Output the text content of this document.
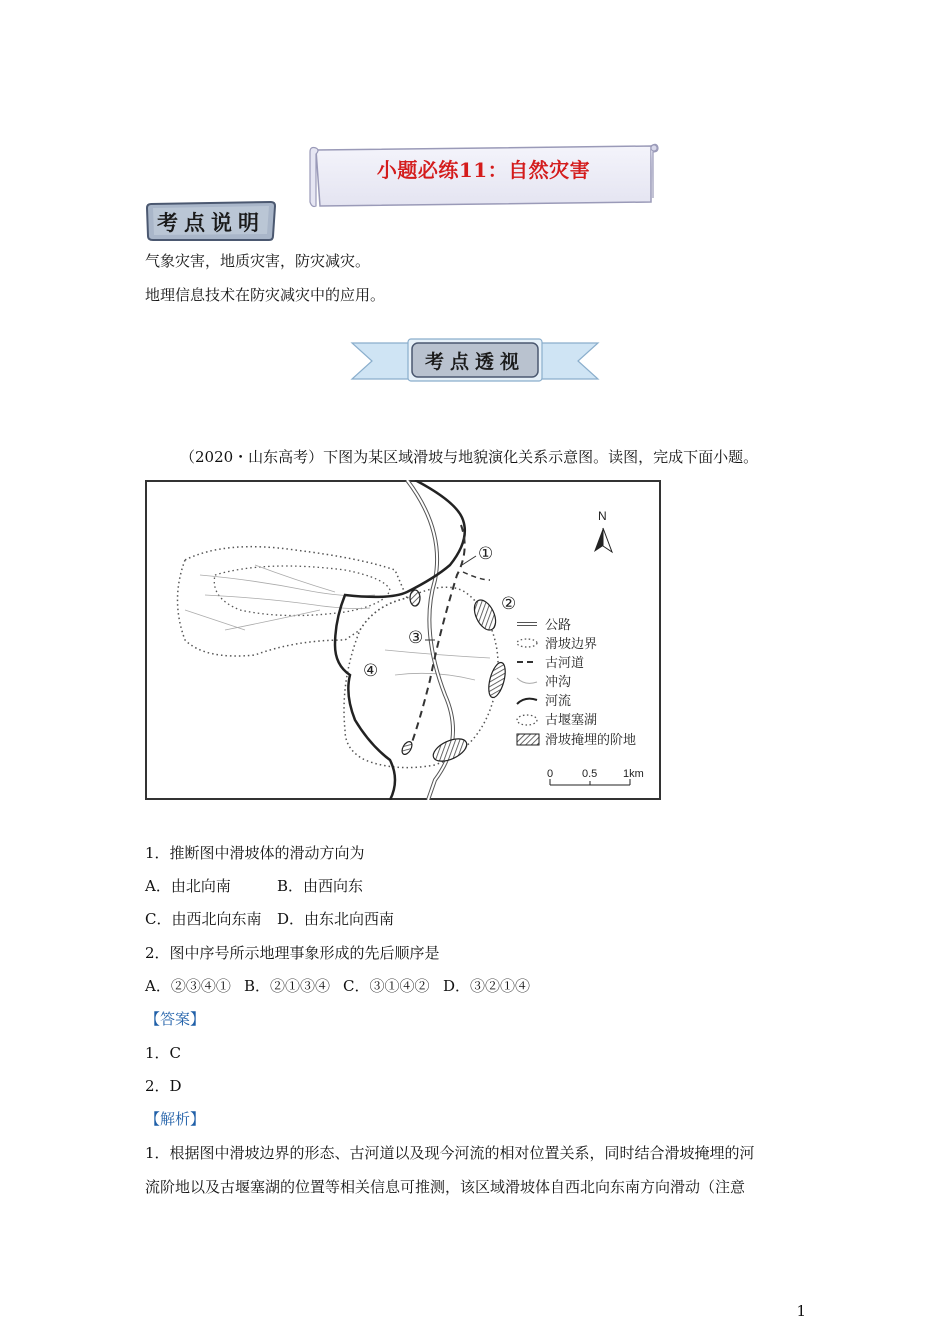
小题必练11：自然灾害
考点说明
气象灾害，地质灾害，防灾减灾。
地理信息技术在防灾减灾中的应用。
考点透视
（2020・山东高考）下图为某区域滑坡与地貌演化关系示意图。读图，完成下面小题。
①
②
③
④
N
公路
滑坡边界
古河道
冲沟
河流
古堰塞湖
滑坡掩埋的阶地
0	0.5 1km
1．推断图中滑坡体的滑动方向为
A．由北向南	B．由西向东
C．由西北向东南 D．由东北向西南
2．图中序号所示地理事象形成的先后顺序是
A．②③④① B．②①③④ C．③①④② D．③②①④
【答案】
1．C
2．D
【解析】
1．根据图中滑坡边界的形态、古河道以及现今河流的相对位置关系，同时结合滑坡掩埋的河
流阶地以及古堰塞湖的位置等相关信息可推测，该区域滑坡体自西北向东南方向滑动（注意
1
